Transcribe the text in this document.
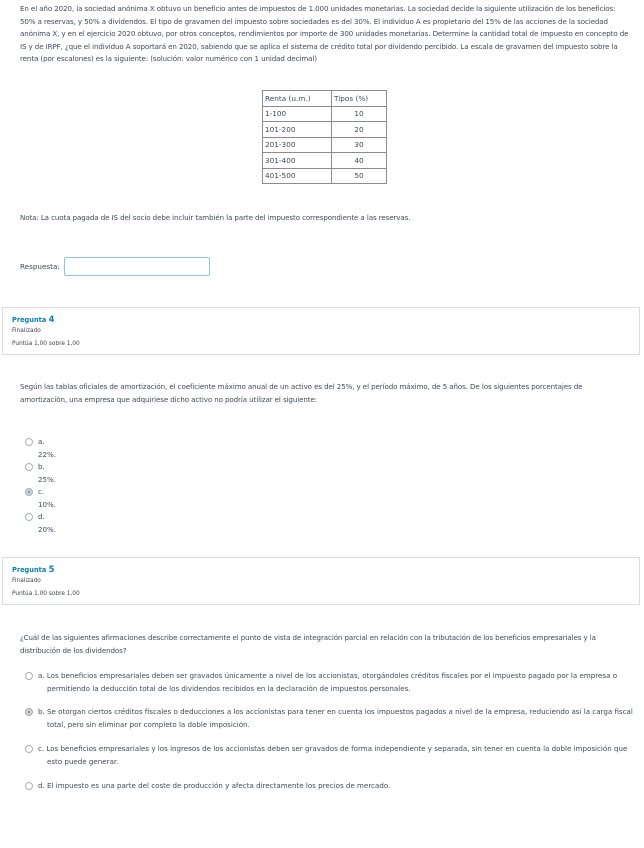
En el año 2020, la sociedad anónima X obtuvo un beneficio antes de impuestos de 1.000 unidades monetarias. La sociedad decide la siguiente utilización de los beneficios: 50% a reservas, y 50% a dividendos. El tipo de gravamen del impuesto sobre sociedades es del 30%. El individuo A es propietario del 15% de las acciones de la sociedad anónima X, y en el ejercicio 2020 obtuvo, por otros conceptos, rendimientos por importe de 300 unidades monetarias. Determine la cantidad total de impuesto en concepto de IS y de IRPF, ¿que el individuo A soportará en 2020, sabiendo que se aplica el sistema de crédito total por dividendo percibido. La escala de gravamen del impuesto sobre la renta (por escalones) es la siguiente: (solución: valor numérico con 1 unidad decimal)

Renta (u.m.)	Tipos (%)
1-100	10
101-200	20
201-300	30
301-400	40
401-500	50

Nota: La cuota pagada de IS del socio debe incluir también la parte del impuesto correspondiente a las reservas.

Respuesta:
Pregunta 4
Finalizado
Puntúa 1,00 sobre 1,00

Según las tablas oficiales de amortización, el coeficiente máximo anual de un activo es del 25%, y el período máximo, de 5 años. De los siguientes porcentajes de amortización, una empresa que adquiriese dicho activo no podría utilizar el siguiente:

a. 22%.
b. 25%.
c. 10%.
d. 20%.
Pregunta 5
Finalizado
Puntúa 1,00 sobre 1,00

¿Cuál de las siguientes afirmaciones describe correctamente el punto de vista de integración parcial en relación con la tributación de los beneficios empresariales y la distribución de los dividendos?

a. Los beneficios empresariales deben ser gravados únicamente a nivel de los accionistas, otorgándoles créditos fiscales por el impuesto pagado por la empresa o permitiendo la deducción total de los dividendos recibidos en la declaración de impuestos personales.
b. Se otorgan ciertos créditos fiscales o deducciones a los accionistas para tener en cuenta los impuestos pagados a nivel de la empresa, reduciendo así la carga fiscal total, pero sin eliminar por completo la doble imposición.
c. Los beneficios empresariales y los ingresos de los accionistas deben ser gravados de forma independiente y separada, sin tener en cuenta la doble imposición que esto puede generar.
d. El impuesto es una parte del coste de producción y afecta directamente los precios de mercado.
